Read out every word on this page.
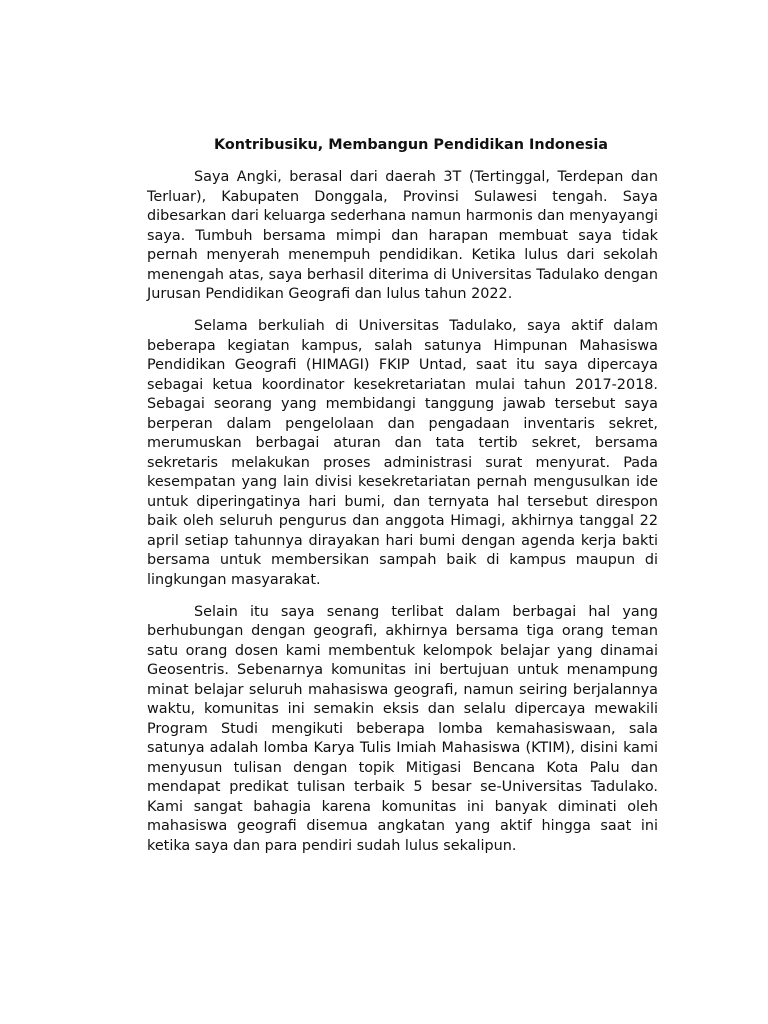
Kontribusiku, Membangun Pendidikan Indonesia

Saya Angki, berasal dari daerah 3T (Tertinggal, Terdepan dan Terluar), Kabupaten Donggala, Provinsi Sulawesi tengah. Saya dibesarkan dari keluarga sederhana namun harmonis dan menyayangi saya. Tumbuh bersama mimpi dan harapan membuat saya tidak pernah menyerah menempuh pendidikan. Ketika lulus dari sekolah menengah atas, saya berhasil diterima di Universitas Tadulako dengan Jurusan Pendidikan Geografi dan lulus tahun 2022.

Selama berkuliah di Universitas Tadulako, saya aktif dalam beberapa kegiatan kampus, salah satunya Himpunan Mahasiswa Pendidikan Geografi (HIMAGI) FKIP Untad, saat itu saya dipercaya sebagai ketua koordinator kesekretariatan mulai tahun 2017-2018. Sebagai seorang yang membidangi tanggung jawab tersebut saya berperan dalam pengelolaan dan pengadaan inventaris sekret, merumuskan berbagai aturan dan tata tertib sekret, bersama sekretaris melakukan proses administrasi surat menyurat. Pada kesempatan yang lain divisi kesekretariatan pernah mengusulkan ide untuk diperingatinya hari bumi, dan ternyata hal tersebut direspon baik oleh seluruh pengurus dan anggota Himagi, akhirnya tanggal 22 april setiap tahunnya dirayakan hari bumi dengan agenda kerja bakti bersama untuk membersikan sampah baik di kampus maupun di lingkungan masyarakat.

Selain itu saya senang terlibat dalam berbagai hal yang berhubungan dengan geografi, akhirnya bersama tiga orang teman satu orang dosen kami membentuk kelompok belajar yang dinamai Geosentris. Sebenarnya komunitas ini bertujuan untuk menampung minat belajar seluruh mahasiswa geografi, namun seiring berjalannya waktu, komunitas ini semakin eksis dan selalu dipercaya mewakili Program Studi mengikuti beberapa lomba kemahasiswaan, sala satunya adalah lomba Karya Tulis Imiah Mahasiswa (KTIM), disini kami menyusun tulisan dengan topik Mitigasi Bencana Kota Palu dan mendapat predikat tulisan terbaik 5 besar se-Universitas Tadulako. Kami sangat bahagia karena komunitas ini banyak diminati oleh mahasiswa geografi disemua angkatan yang aktif hingga saat ini ketika saya dan para pendiri sudah lulus sekalipun.
